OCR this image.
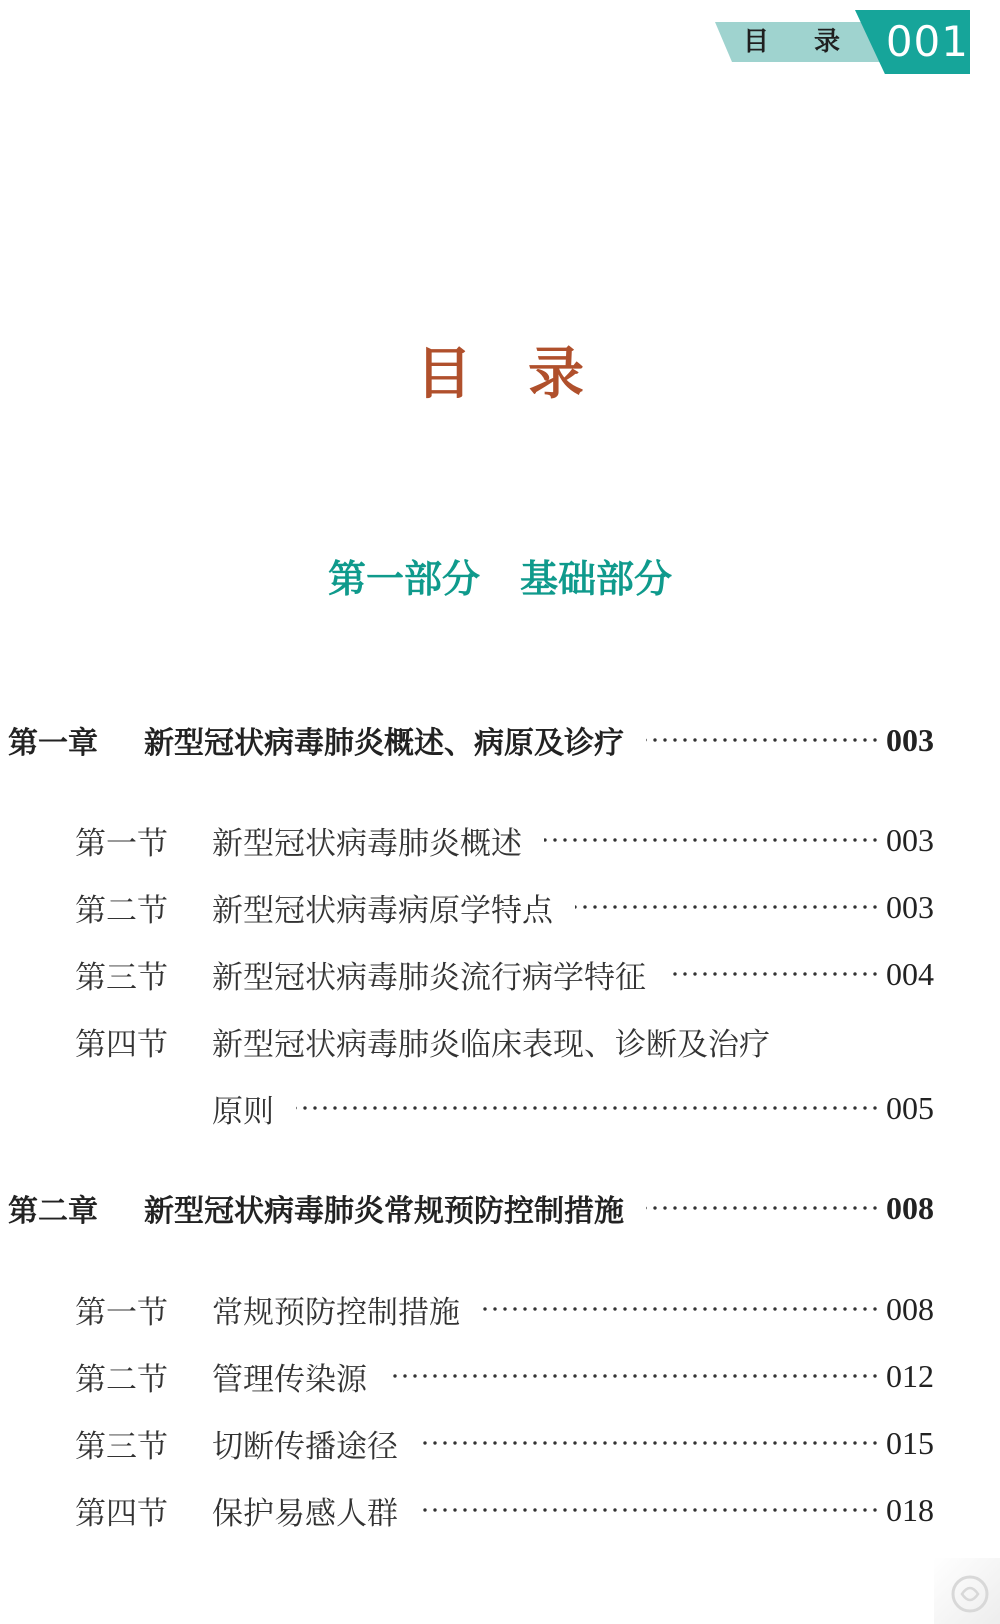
目 录 001
目录
第一部分 基础部分
第一章	新型冠状病毒肺炎概述、病原及诊疗	003
第一节	新型冠状病毒肺炎概述	003
第二节	新型冠状病毒病原学特点	003
第三节	新型冠状病毒肺炎流行病学特征	004
第四节	新型冠状病毒肺炎临床表现、诊断及治疗
原则	005
第二章	新型冠状病毒肺炎常规预防控制措施	008
第一节	常规预防控制措施	008
第二节	管理传染源	012
第三节	切断传播途径	015
第四节	保护易感人群	018
